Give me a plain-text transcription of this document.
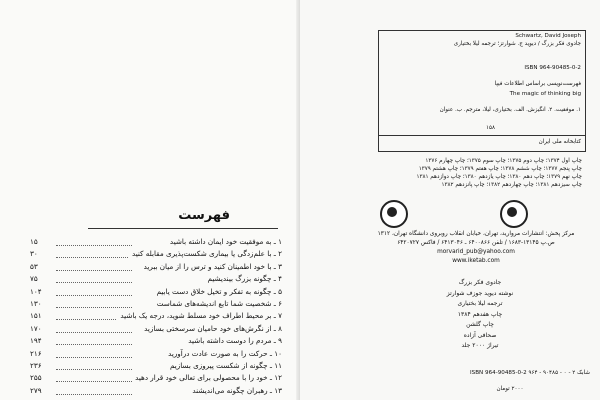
فهرست
۱۵	۱ ـ به موفقیت خود ایمان داشته باشید
۳۰	۲ ـ با علم‌زدگی یا بیماری شکست‌پذیری مقابله کنید
۵۳	۳ ـ با خود اطمینان کنید و ترس را از میان ببرید
۷۵	۴ ـ چگونه بزرگ بیندیشیم
۱۰۴	۵ ـ چگونه به تفکر و تخیل خلاق دست یابیم
۱۳۰	۶ ـ شخصیت شما تابع اندیشه‌های شماست
۱۵۱	۷ ـ بر محیط اطراف خود مسلط شوید، درجه یک باشید
۱۷۰	۸ ـ از نگرش‌های خود حامیان سرسختی بسازید
۱۹۴	۹ ـ مردم را دوست داشته باشید
۲۱۶	۱۰ ـ حرکت را به صورت عادت درآورید
۲۳۶	۱۱ ـ چگونه از شکست پیروزی بسازیم
۲۵۵	۱۲ ـ خود را با محصولی برای تعالی خود قرار دهید
۲۷۹	۱۳ ـ رهبران چگونه می‌اندیشند
Schwartz, David Joseph
جادوی فکر بزرگ / دیوید ج. شوارتز؛ ترجمه لیلا بختیاری
ISBN 964-90485-0-2
فهرست‌نویسی براساس اطلاعات فیپا
The magic of thinking big
۱. موفقیت. ۲. انگیزش. الف. بختیاری، لیلا، مترجم. ب. عنوان
۱۵۸
کتابخانه ملی ایران
چاپ اول ۱۳۷۴؛ چاپ دوم ۱۳۷۵؛ چاپ سوم ۱۳۷۵؛ چاپ چهارم ۱۳۷۶
چاپ پنجم ۱۳۷۷؛ چاپ ششم ۱۳۷۸؛ چاپ هفتم ۱۳۷۹؛ چاپ هشتم ۱۳۷۹
چاپ نهم ۱۳۷۹؛ چاپ دهم ۱۳۸۰؛ چاپ یازدهم ۱۳۸۰؛ چاپ دوازدهم ۱۳۸۱
چاپ سیزدهم ۱۳۸۱؛ چاپ چهاردهم ۱۳۸۲؛ چاپ پانزدهم ۱۳۸۲
مرکز پخش: انتشارات مروارید، تهران، خیابان انقلاب روبروی دانشگاه تهران، ۱۳۱۲
ص.پ ۱۳۱۴۵-۱۶۸۳ / تلفن ۶۴۰۰۸۶۶ ـ ۶۴۱۳۰۴۶ / فاکس ۶۴۲۰۷۲۷
morvarid_pub@yahoo.com
www.iketab.com
جادوی فکر بزرگ
نوشته دیوید جوزف شوارتز
ترجمه لیلا بختیاری
چاپ هفدهم ۱۳۸۴
چاپ گلشن
صحافی آزاده
تیراژ ۲۰۰۰ جلد
شابک ۲ - ۰ - ۹۰۴۸۵ - ۹۶۴ ISBN 964-90485-0-2
۲۰۰۰ تومان
